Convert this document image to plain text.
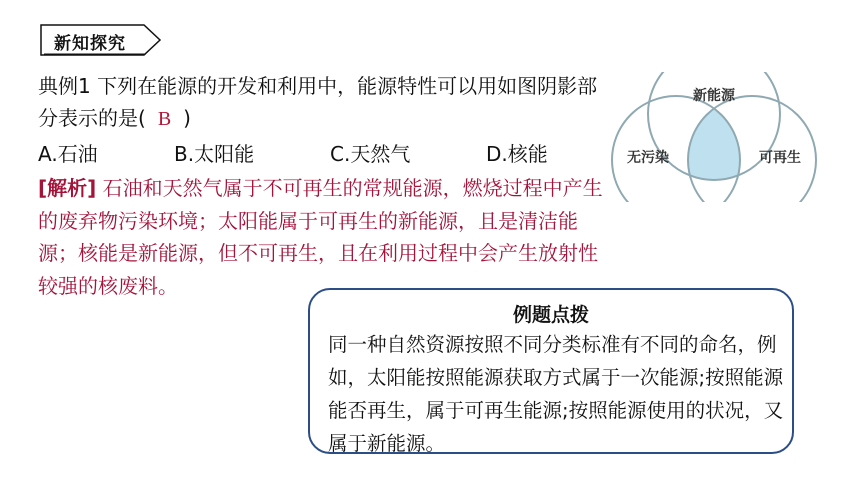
新知探究
典例1 下列在能源的开发和利用中，能源特性可以用如图阴影部分表示的是( B )
A.石油	B.太阳能	C.天然气	D.核能
[解析] 石油和天然气属于不可再生的常规能源，燃烧过程中产生的废弃物污染环境；太阳能属于可再生的新能源，且是清洁能源；核能是新能源，但不可再生，且在利用过程中会产生放射性较强的核废料。
新能源
无污染	可再生
例题点拨
同一种自然资源按照不同分类标准有不同的命名，例如，太阳能按照能源获取方式属于一次能源;按照能源能否再生，属于可再生能源;按照能源使用的状况，又属于新能源。
